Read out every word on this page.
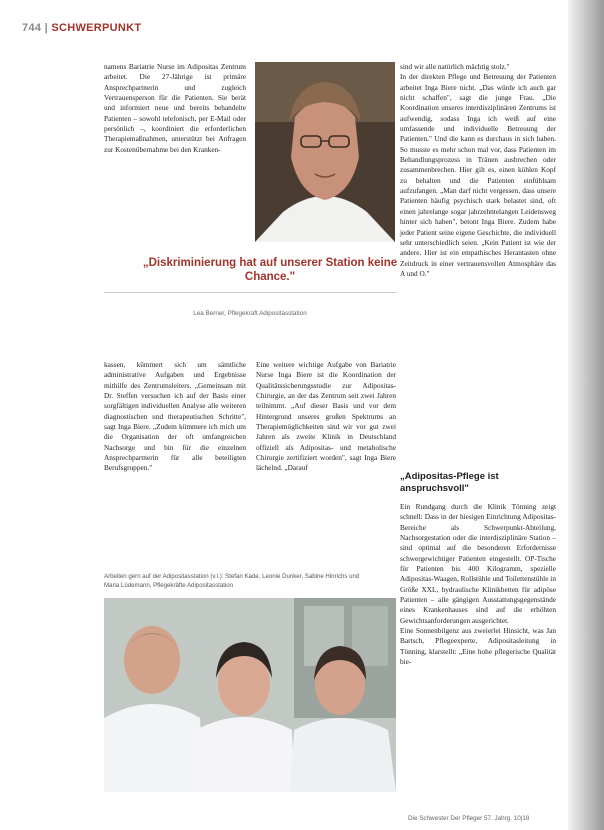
744 | SCHWERPUNKT

namens Bariatrie Nurse im Adipositas Zentrum arbeitet. Die 27-Jährige ist primäre Ansprechpartnerin und zugleich Vertrauensperson für die Patienten. Sie berät und informiert neue und bereits behandelte Patienten – sowohl telefonisch, per E-Mail oder persönlich –, koordiniert die erforderlichen Therapiemaßnahmen, unterstützt bei Anfragen zur Kostenübernahme bei den Kranken-

„Diskriminierung hat auf unserer Station keine Chance."
Lea Berner, Pflegekraft Adipositasstation

kassen, kümmert sich um sämtliche administrative Aufgaben und Ergebnisse mithilfe des Zentrumsleiters. „Gemeinsam mit Dr. Steffen versuchen ich auf der Basis einer sorgfältigen individuellen Analyse alle weiteren diagnostischen und therapeutischen Schritte", sagt Inga Biere. „Zudem kümmere ich mich um die Organisation der oft umfangreichen Nachsorge und bin für die einzelnen Ansprechpartnerin für alle beteiligten Berufsgruppen."

Eine weitere wichtige Aufgabe von Bariatrie Nurse Inga Biere ist die Koordination der Qualitätssicherungsstudie zur Adipositas-Chirurgie, an der das Zentrum seit zwei Jahren teilnimmt. „Auf dieser Basis und vor dem Hintergrund unseres großen Spektrums an Therapiemöglichkeiten sind wir vor gut zwei Jahren als zweite Klinik in Deutschland offiziell als Adipositas- und metabolische Chirurgie zertifiziert worden", sagt Inga Biere lächelnd. „Darauf

sind wir alle natürlich mächtig stolz."

In der direkten Pflege und Betreuung der Patienten arbeitet Inga Biere nicht. „Das würde ich auch gar nicht schaffen", sagt die junge Frau. „Die Koordination unseres interdisziplinären Zentrums ist aufwendig, sodass Inga ich weiß auf eine umfassende und individuelle Betreuung der Patienten." Und die kann es durchaus in sich haben. So musste es mehr schon mal vor, dass Patienten im Behandlungsprozess in Tränen ausbrechen oder zusammenbrechen. Hier gilt es, einen kühlen Kopf zu behalten und die Patienten einfühlsam aufzufangen. „Man darf nicht vergessen, dass unsere Patienten häufig psychisch stark belastet sind, oft einen jahrelange sogar jahrzehntelangen Leidensweg hinter sich haben", betont Inga Biere. Zudem habe jeder Patient seine eigene Geschichte, die individuell sehr unterschiedlich seien. „Kein Patient ist wie der andere. Hier ist ein empathisches Herantasten ohne Zeitdruck in einer vertrauensvollen Atmosphäre das A und O."

„Adipositas-Pflege ist anspruchsvoll"

Ein Rundgang durch die Klinik Tönning zeigt schnell: Dass in der hiesigen Einrichtung Adipositas-Bereiche als Schwerpunkt-Abteilung, Nachsorgestation oder die interdisziplinäre Station – sind optimal auf die besonderen Erfordernisse schwergewichtiger Patienten eingestellt. OP-Tische für Patienten bis 400 Kilogramm, spezielle Adipositas-Waagen, Rollstühle und Toilettenstühle in Größe XXL, hydraulische Klinikbetten für adipöse Patienten – alle gängigen Ausstattungsgegenstände eines Krankenhauses sind auf die erhöhten Gewichtsanforderungen ausgerichtet.

Eine Sonnenbilgenz aus zweierlei Hinsicht, was Jan Bartsch, Pflegeexperte, Adipositasleitung in Tönning, klarstellt: „Eine hohe pflegerische Qualität bie-

Arbeiten gern auf der Adipositasstation (v.l.): Stefan Kade, Leonie Dunker, Sabine Hinrichs und Maria Lüdemann, Pflegekräfte Adipositasstation
Die Schwester Der Pfleger 57. Jahrg. 10|18
